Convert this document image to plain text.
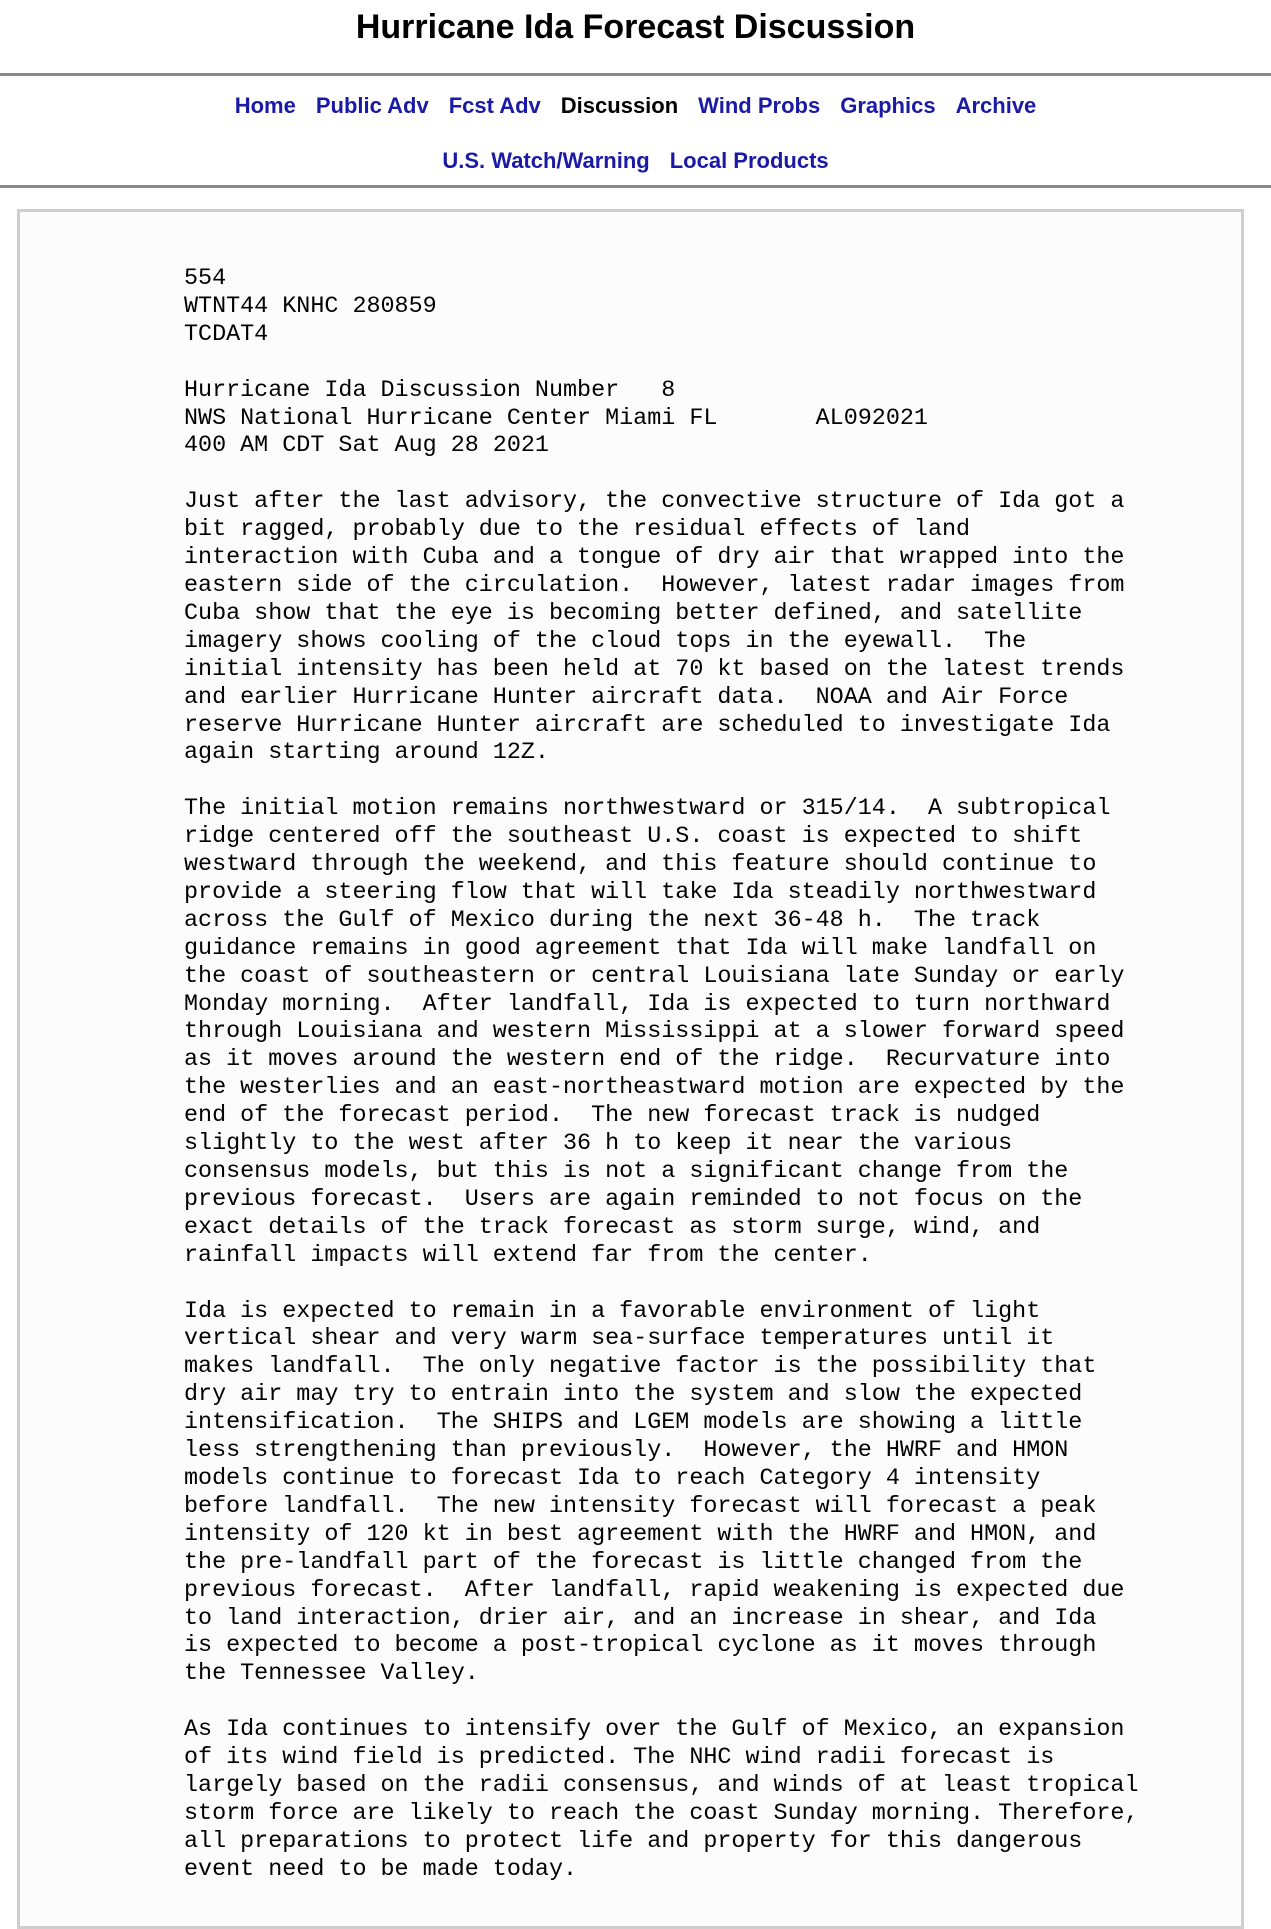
Hurricane Ida Forecast Discussion
Home Public Adv Fcst Adv Discussion Wind Probs Graphics Archive
U.S. Watch/Warning Local Products
554
WTNT44 KNHC 280859
TCDAT4

Hurricane Ida Discussion Number   8
NWS National Hurricane Center Miami FL       AL092021
400 AM CDT Sat Aug 28 2021

Just after the last advisory, the convective structure of Ida got a
bit ragged, probably due to the residual effects of land
interaction with Cuba and a tongue of dry air that wrapped into the
eastern side of the circulation.  However, latest radar images from
Cuba show that the eye is becoming better defined, and satellite
imagery shows cooling of the cloud tops in the eyewall.  The
initial intensity has been held at 70 kt based on the latest trends
and earlier Hurricane Hunter aircraft data.  NOAA and Air Force
reserve Hurricane Hunter aircraft are scheduled to investigate Ida
again starting around 12Z.

The initial motion remains northwestward or 315/14.  A subtropical
ridge centered off the southeast U.S. coast is expected to shift
westward through the weekend, and this feature should continue to
provide a steering flow that will take Ida steadily northwestward
across the Gulf of Mexico during the next 36-48 h.  The track
guidance remains in good agreement that Ida will make landfall on
the coast of southeastern or central Louisiana late Sunday or early
Monday morning.  After landfall, Ida is expected to turn northward
through Louisiana and western Mississippi at a slower forward speed
as it moves around the western end of the ridge.  Recurvature into
the westerlies and an east-northeastward motion are expected by the
end of the forecast period.  The new forecast track is nudged
slightly to the west after 36 h to keep it near the various
consensus models, but this is not a significant change from the
previous forecast.  Users are again reminded to not focus on the
exact details of the track forecast as storm surge, wind, and
rainfall impacts will extend far from the center.

Ida is expected to remain in a favorable environment of light
vertical shear and very warm sea-surface temperatures until it
makes landfall.  The only negative factor is the possibility that
dry air may try to entrain into the system and slow the expected
intensification.  The SHIPS and LGEM models are showing a little
less strengthening than previously.  However, the HWRF and HMON
models continue to forecast Ida to reach Category 4 intensity
before landfall.  The new intensity forecast will forecast a peak
intensity of 120 kt in best agreement with the HWRF and HMON, and
the pre-landfall part of the forecast is little changed from the
previous forecast.  After landfall, rapid weakening is expected due
to land interaction, drier air, and an increase in shear, and Ida
is expected to become a post-tropical cyclone as it moves through
the Tennessee Valley.

As Ida continues to intensify over the Gulf of Mexico, an expansion
of its wind field is predicted. The NHC wind radii forecast is
largely based on the radii consensus, and winds of at least tropical
storm force are likely to reach the coast Sunday morning. Therefore,
all preparations to protect life and property for this dangerous
event need to be made today.
